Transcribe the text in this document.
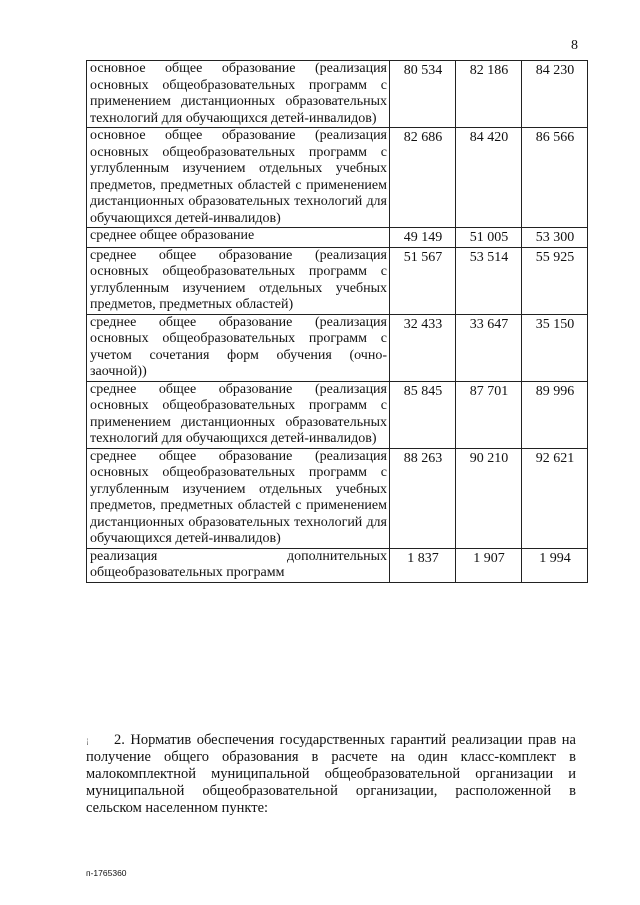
8
основное общее образование (реализация основных общеобразовательных программ с применением дистанционных образовательных технологий для обучающихся детей-инвалидов)	80 534	82 186	84 230
основное общее образование (реализация основных общеобразовательных программ с углубленным изучением отдельных учебных предметов, предметных областей с применением дистанционных образовательных технологий для обучающихся детей-инвалидов)	82 686	84 420	86 566
среднее общее образование	49 149	51 005	53 300
среднее общее образование (реализация основных общеобразовательных программ с углубленным изучением отдельных учебных предметов, предметных областей)	51 567	53 514	55 925
среднее общее образование (реализация основных общеобразовательных программ с учетом сочетания форм обучения (очно-заочной))	32 433	33 647	35 150
среднее общее образование (реализация основных общеобразовательных программ с применением дистанционных образовательных технологий для обучающихся детей-инвалидов)	85 845	87 701	89 996
среднее общее образование (реализация основных общеобразовательных программ с углубленным изучением отдельных учебных предметов, предметных областей с применением дистанционных образовательных технологий для обучающихся детей-инвалидов)	88 263	90 210	92 621
реализация дополнительных общеобразовательных программ	1 837	1 907	1 994
¡ 2. Норматив обеспечения государственных гарантий реализации прав на получение общего образования в расчете на один класс-комплект в малокомплектной муниципальной общеобразовательной организации и муниципальной общеобразовательной организации, расположенной в сельском населенном пункте:
п-1765360
